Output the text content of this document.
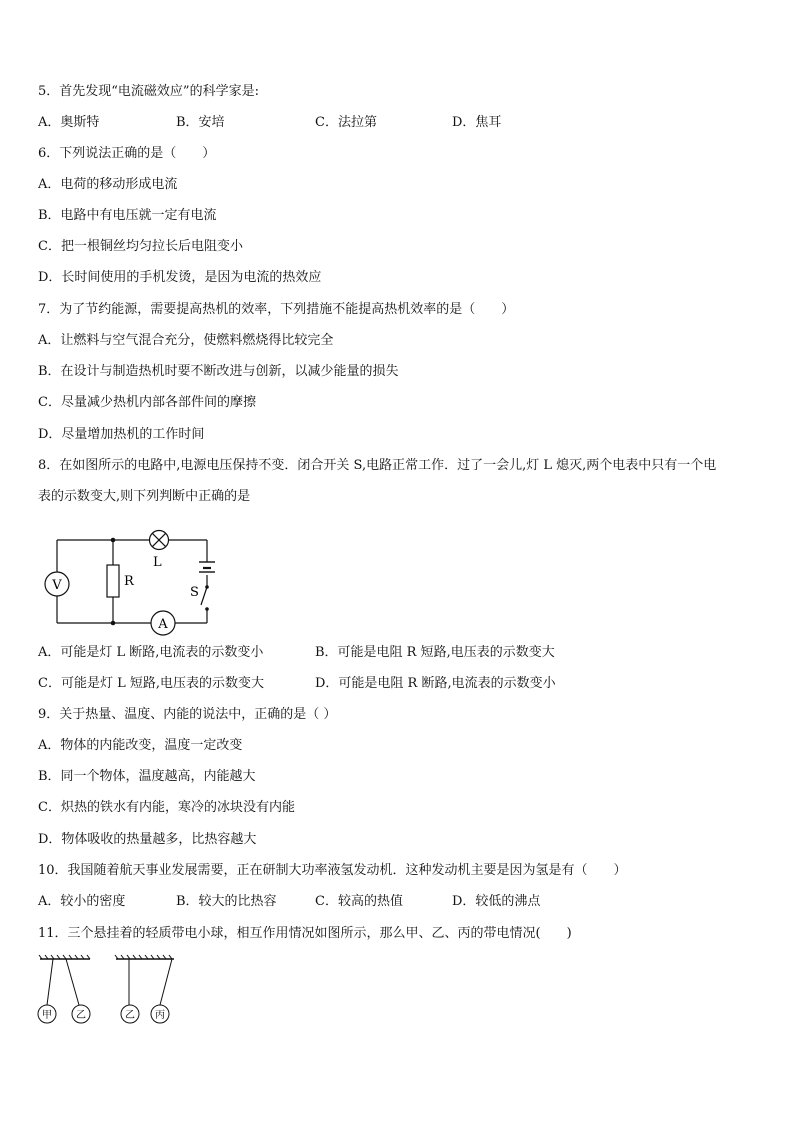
5．首先发现“电流磁效应”的科学家是:
A．奥斯特	B．安培	C．法拉第	D．焦耳
6．下列说法正确的是（　　）
A．电荷的移动形成电流
B．电路中有电压就一定有电流
C．把一根铜丝均匀拉长后电阻变小
D．长时间使用的手机发烫，是因为电流的热效应
7．为了节约能源，需要提高热机的效率，下列措施不能提高热机效率的是（　　）
A．让燃料与空气混合充分，使燃料燃烧得比较完全
B．在设计与制造热机时要不断改进与创新，以减少能量的损失
C．尽量减少热机内部各部件间的摩擦
D．尽量增加热机的工作时间
8．在如图所示的电路中,电源电压保持不变．闭合开关 S,电路正常工作．过了一会儿,灯 L 熄灭,两个电表中只有一个电
表的示数变大,则下列判断中正确的是
V
L
R
S
A
A．可能是灯 L 断路,电流表的示数变小	B．可能是电阻 R 短路,电压表的示数变大
C．可能是灯 L 短路,电压表的示数变大	D．可能是电阻 R 断路,电流表的示数变小
9．关于热量、温度、内能的说法中，正确的是（ ）
A．物体的内能改变，温度一定改变
B．同一个物体，温度越高，内能越大
C．炽热的铁水有内能，寒冷的冰块没有内能
D．物体吸收的热量越多，比热容越大
10．我国随着航天事业发展需要，正在研制大功率液氢发动机．这种发动机主要是因为氢是有（　　）
A．较小的密度	B．较大的比热容	C．较高的热值	D．较低的沸点
11．三个悬挂着的轻质带电小球，相互作用情况如图所示，那么甲、乙、丙的带电情况(　　)
甲 乙	乙 丙
